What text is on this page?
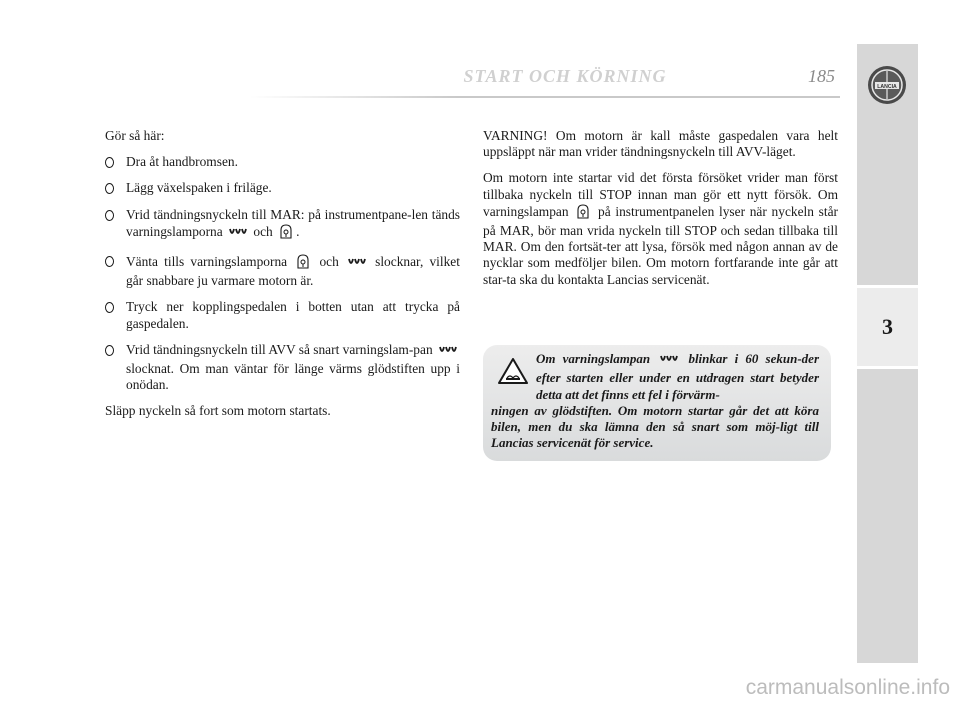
START OCH KÖRNING	185
LANCIA
3

Gör så här:

Dra åt handbromsen.

Lägg växelspaken i friläge.

Vrid tändningsnyckeln till MAR: på instrumentpane-len tänds varningslamporna och .

Vänta tills varningslamporna och	slocknar, vilket går snabbare ju varmare motorn är.

Tryck ner kopplingspedalen i botten utan att trycka på gaspedalen.

Vrid tändningsnyckeln till AVV så snart varningslam-pan  slocknat. Om man väntar för länge värms glödstiften upp i onödan.

Släpp nyckeln så fort som motorn startats.

VARNING! Om motorn är kall måste gaspedalen vara helt uppsläppt när man vrider tändningsnyckeln till AVV-läget.

Om motorn inte startar vid det första försöket vrider man först tillbaka nyckeln till STOP innan man gör ett nytt försök. Om varningslampan på instrumentpanelen lyser när nyckeln står på MAR, bör man vrida nyckeln till STOP och sedan tillbaka till MAR. Om den fortsät-ter att lysa, försök med någon annan av de nycklar som medföljer bilen. Om motorn fortfarande inte går att star-ta ska du kontakta Lancias servicenät.

Om varningslampan	blinkar i 60 sekun-der efter starten eller under en utdragen start betyder detta att det finns ett fel i förvärm-
ningen av glödstiften. Om motorn startar går det att köra bilen, men du ska lämna den så snart som möj-ligt till Lancias servicenät för service.
carmanualsonline.info
